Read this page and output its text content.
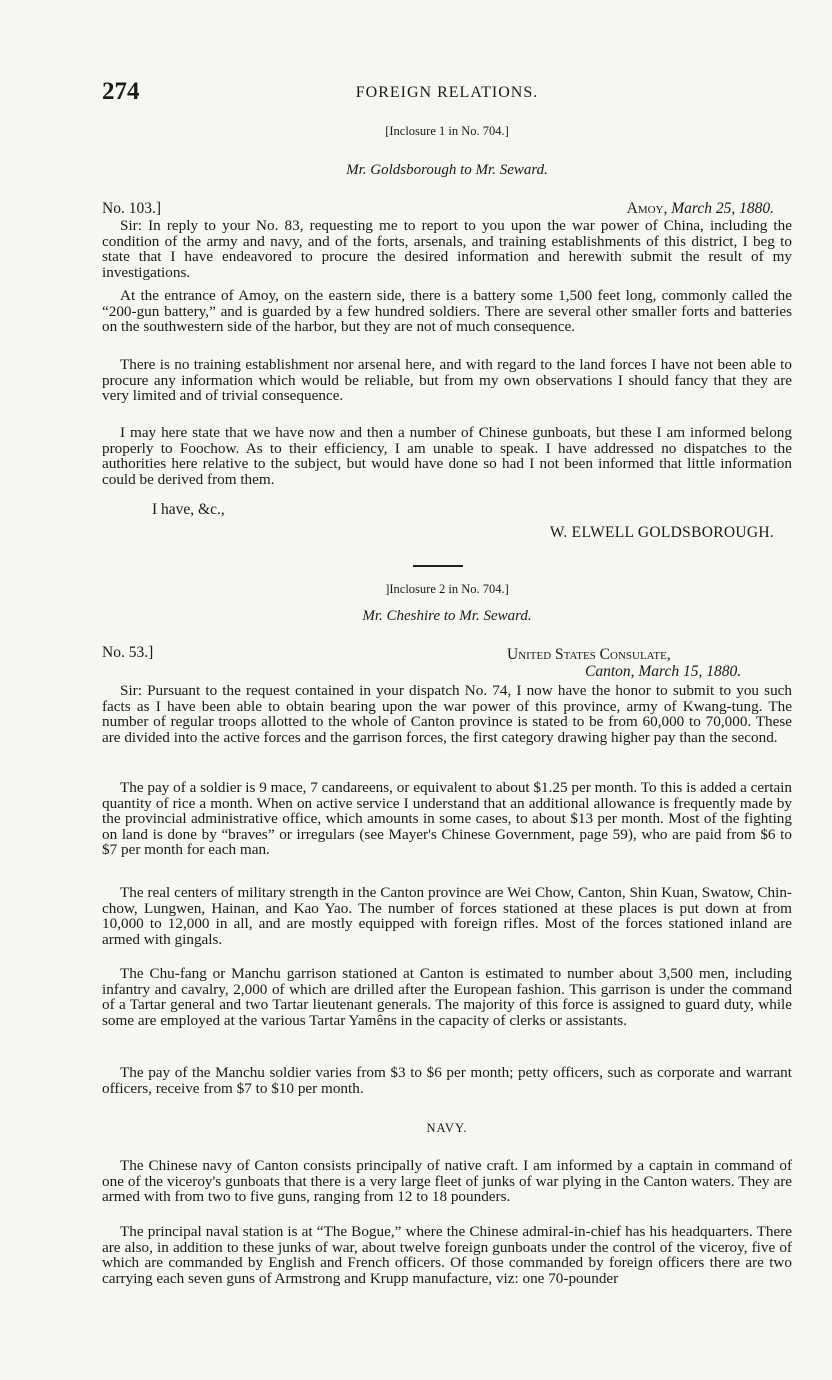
274	FOREIGN RELATIONS.
[Inclosure 1 in No. 704.]
Mr. Goldsborough to Mr. Seward.
No. 103.]	Amoy, March 25, 1880.

Sir: In reply to your No. 83, requesting me to report to you upon the war power of China, including the condition of the army and navy, and of the forts, arsenals, and training establishments of this district, I beg to state that I have endeavored to procure the desired information and herewith submit the result of my investigations.

At the entrance of Amoy, on the eastern side, there is a battery some 1,500 feet long, commonly called the “200-gun battery,” and is guarded by a few hundred soldiers. There are several other smaller forts and batteries on the southwestern side of the harbor, but they are not of much consequence.

There is no training establishment nor arsenal here, and with regard to the land forces I have not been able to procure any information which would be reliable, but from my own observations I should fancy that they are very limited and of trivial consequence.

I may here state that we have now and then a number of Chinese gunboats, but these I am informed belong properly to Foochow. As to their efficiency, I am unable to speak. I have addressed no dispatches to the authorities here relative to the subject, but would have done so had I not been informed that little information could be derived from them.

I have, &c.,
W. ELWELL GOLDSBOROUGH.
]Inclosure 2 in No. 704.]
Mr. Cheshire to Mr. Seward.
No. 53.]	United States Consulate,
Canton, March 15, 1880.

Sir: Pursuant to the request contained in your dispatch No. 74, I now have the honor to submit to you such facts as I have been able to obtain bearing upon the war power of this province, army of Kwang-tung. The number of regular troops allotted to the whole of Canton province is stated to be from 60,000 to 70,000. These are divided into the active forces and the garrison forces, the first category drawing higher pay than the second.

The pay of a soldier is 9 mace, 7 candareens, or equivalent to about $1.25 per month. To this is added a certain quantity of rice a month. When on active service I understand that an additional allowance is frequently made by the provincial administrative office, which amounts in some cases, to about $13 per month. Most of the fighting on land is done by “braves” or irregulars (see Mayer's Chinese Government, page 59), who are paid from $6 to $7 per month for each man.

The real centers of military strength in the Canton province are Wei Chow, Canton, Shin Kuan, Swatow, Chin-chow, Lungwen, Hainan, and Kao Yao. The number of forces stationed at these places is put down at from 10,000 to 12,000 in all, and are mostly equipped with foreign rifles. Most of the forces stationed inland are armed with gingals.

The Chu-fang or Manchu garrison stationed at Canton is estimated to number about 3,500 men, including infantry and cavalry, 2,000 of which are drilled after the European fashion. This garrison is under the command of a Tartar general and two Tartar lieutenant generals. The majority of this force is assigned to guard duty, while some are employed at the various Tartar Yamêns in the capacity of clerks or assistants.

The pay of the Manchu soldier varies from $3 to $6 per month; petty officers, such as corporate and warrant officers, receive from $7 to $10 per month.

NAVY.

The Chinese navy of Canton consists principally of native craft. I am informed by a captain in command of one of the viceroy's gunboats that there is a very large fleet of junks of war plying in the Canton waters. They are armed with from two to five guns, ranging from 12 to 18 pounders.

The principal naval station is at “The Bogue,” where the Chinese admiral-in-chief has his headquarters. There are also, in addition to these junks of war, about twelve foreign gunboats under the control of the viceroy, five of which are commanded by English and French officers. Of those commanded by foreign officers there are two carrying each seven guns of Armstrong and Krupp manufacture, viz: one 70-pounder
